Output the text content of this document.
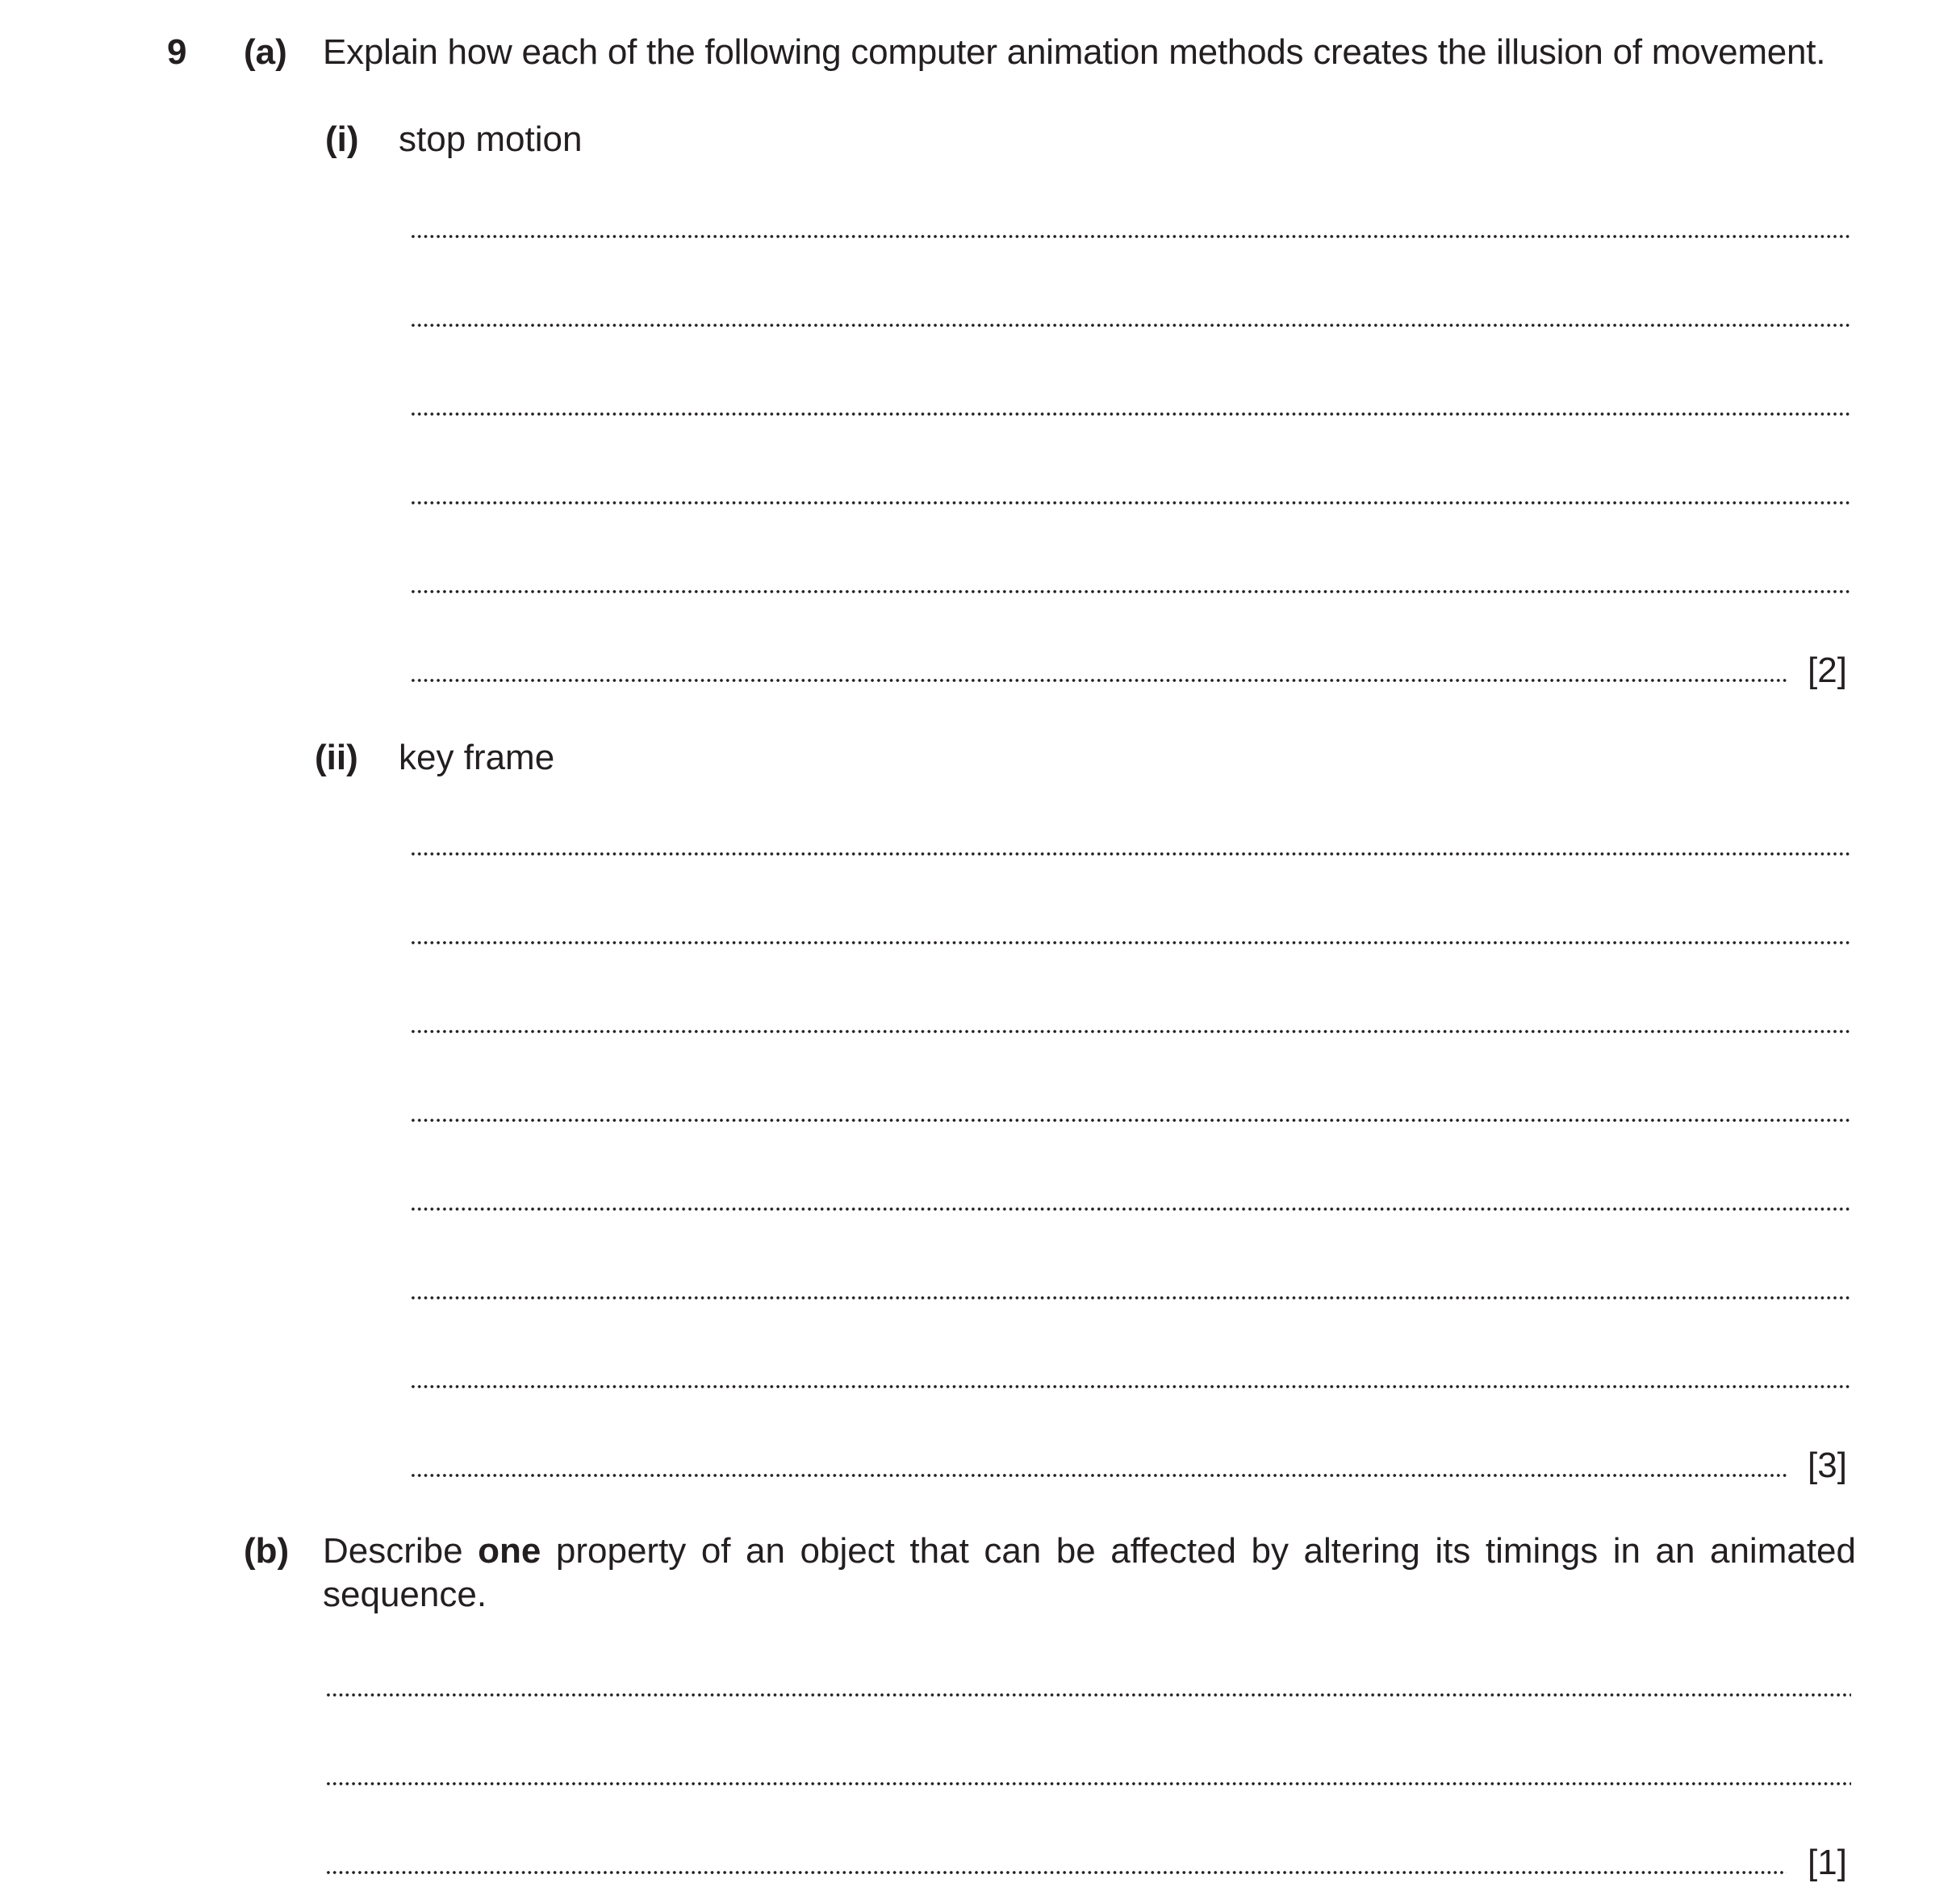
9 (a) Explain how each of the following computer animation methods creates the illusion of movement.
(i) stop motion
[2]
(ii) key frame
[3]
(b) Describe one property of an object that can be affected by altering its timings in an animated sequence.
[1]
